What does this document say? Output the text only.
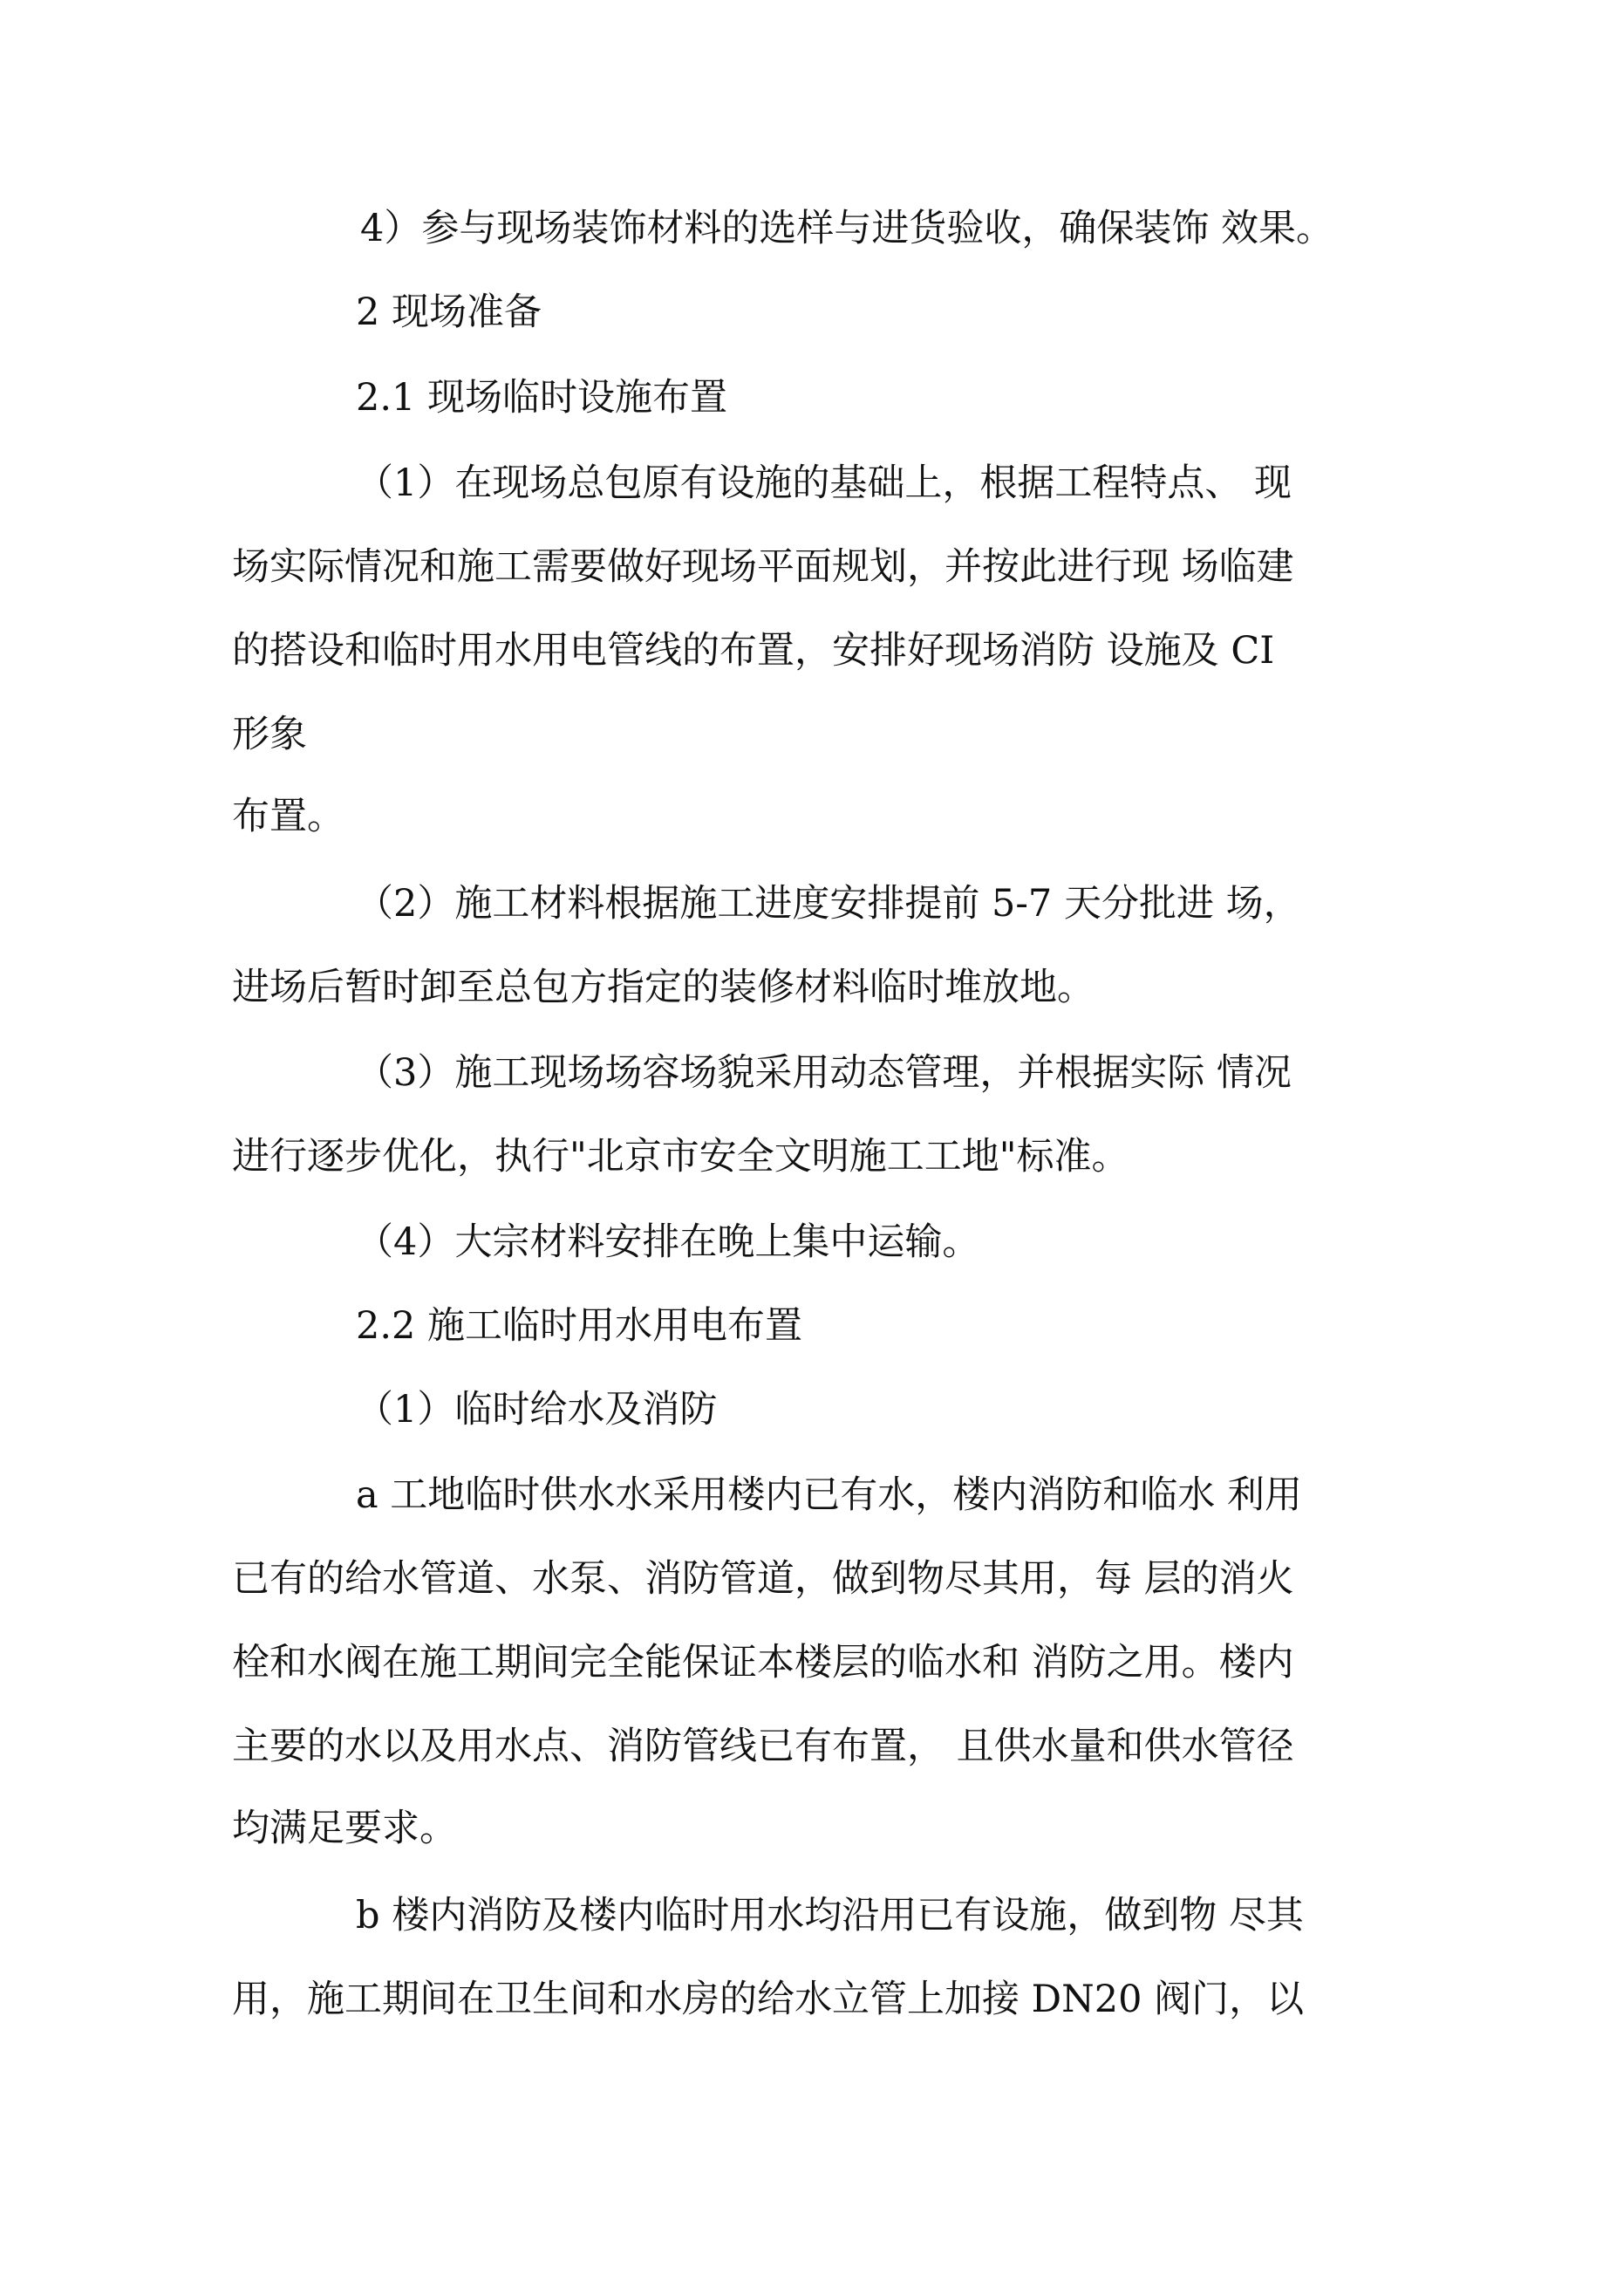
4）参与现场装饰材料的选样与进货验收，确保装饰 效果。
2 现场准备
2.1 现场临时设施布置
（1）在现场总包原有设施的基础上，根据工程特点、 现
场实际情况和施工需要做好现场平面规划，并按此进行现 场临建
的搭设和临时用水用电管线的布置，安排好现场消防 设施及 CI
形象
布置。
（2）施工材料根据施工进度安排提前 5-7 天分批进 场，
进场后暂时卸至总包方指定的装修材料临时堆放地。
（3）施工现场场容场貌采用动态管理，并根据实际 情况
进行逐步优化，执行"北京市安全文明施工工地"标准。
（4）大宗材料安排在晚上集中运输。
2.2 施工临时用水用电布置
（1）临时给水及消防
a 工地临时供水水采用楼内已有水，楼内消防和临水 利用
已有的给水管道、水泵、消防管道，做到物尽其用，每 层的消火
栓和水阀在施工期间完全能保证本楼层的临水和 消防之用。楼内
主要的水以及用水点、消防管线已有布置， 且供水量和供水管径
均满足要求。
b 楼内消防及楼内临时用水均沿用已有设施，做到物 尽其
用，施工期间在卫生间和水房的给水立管上加接 DN20 阀门，以
